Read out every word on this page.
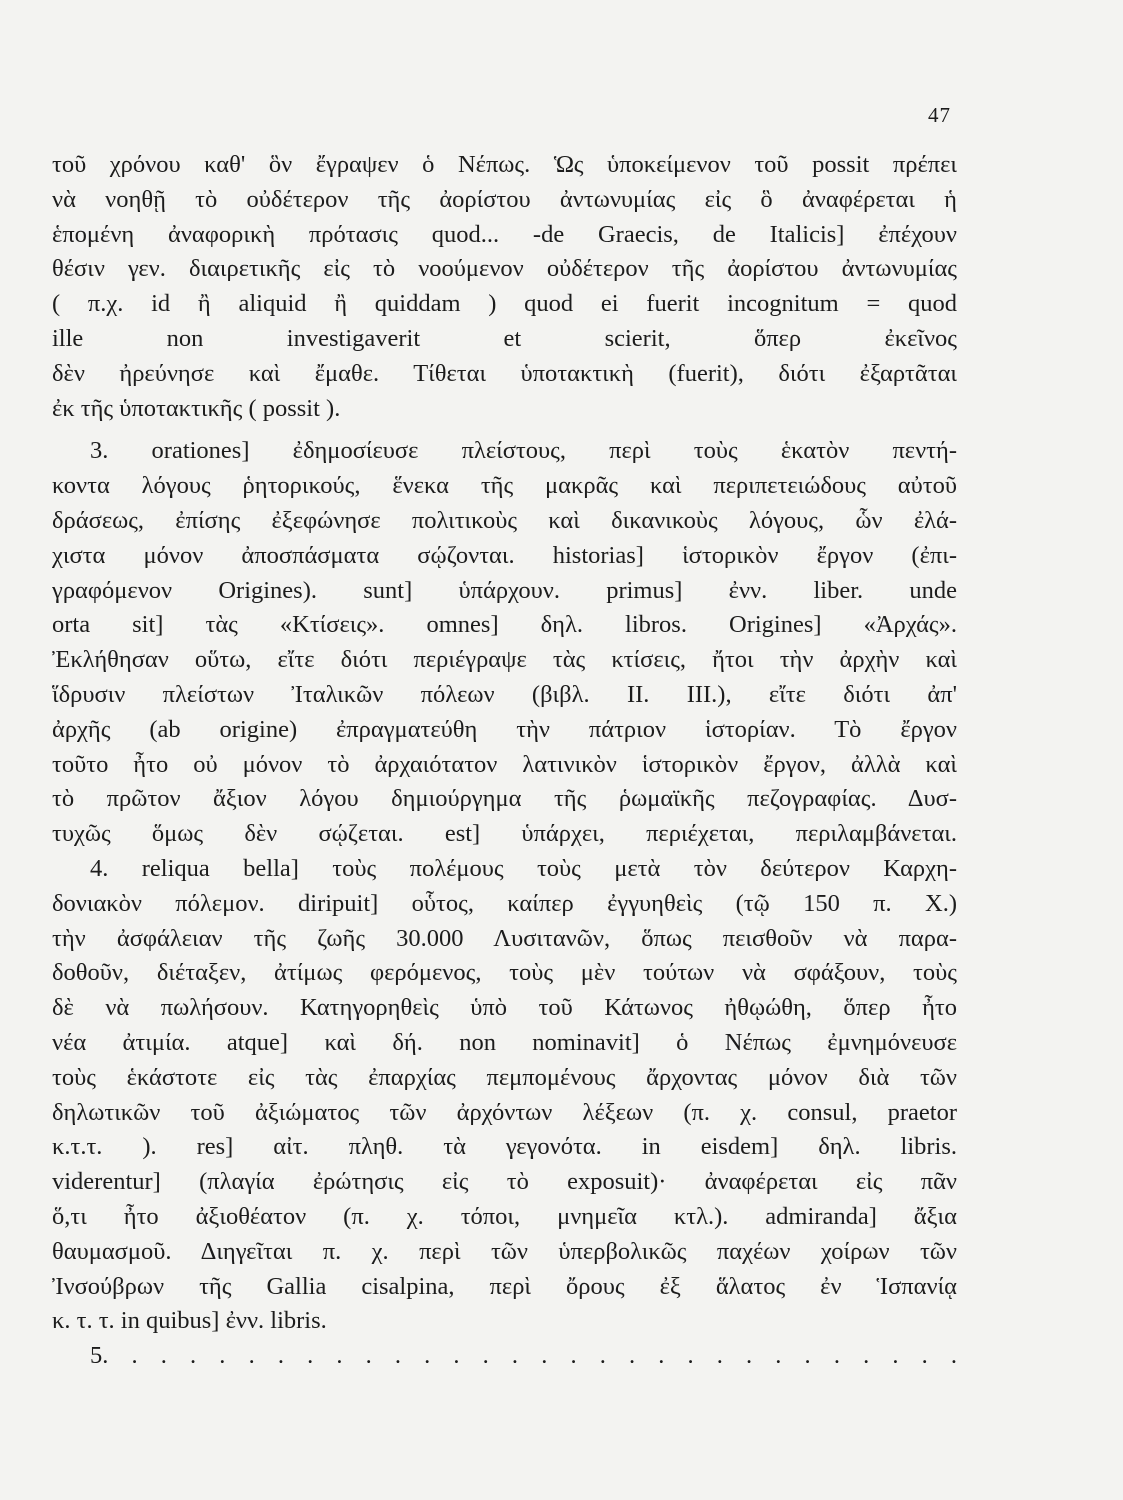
47
τοῦ χρόνου καθ' ὃν ἔγραψεν ὁ Νέπως. Ὡς ὑποκείμενον τοῦ possit πρέπει
νὰ νοηθῇ τὸ οὐδέτερον τῆς ἀορίστου ἀντωνυμίας εἰς ὃ ἀναφέρεται ἡ
ἑπομένη ἀναφορικὴ πρότασις quod... -de Graecis, de Italicis] ἐπέχουν
θέσιν γεν. διαιρετικῆς εἰς τὸ νοούμενον οὐδέτερον τῆς ἀορίστου ἀντωνυμίας
( π.χ. id ἢ aliquid ἢ quiddam ) quod ei fuerit incognitum = quod
ille non investigaverit et scierit, ὅπερ ἐκεῖνος
δὲν ἠρεύνησε καὶ ἔμαθε. Τίθεται ὑποτακτικὴ (fuerit), διότι ἐξαρτᾶται
ἐκ τῆς ὑποτακτικῆς ( possit ).
3. orationes] ἐδημοσίευσε πλείστους, περὶ τοὺς ἑκατὸν πεντή-
κοντα λόγους ῥητορικούς, ἕνεκα τῆς μακρᾶς καὶ περιπετειώδους αὐτοῦ
δράσεως, ἐπίσης ἐξεφώνησε πολιτικοὺς καὶ δικανικοὺς λόγους, ὧν ἐλά-
χιστα μόνον ἀποσπάσματα σῴζονται. historias] ἱστορικὸν ἔργον (ἐπι-
γραφόμενον Origines). sunt] ὑπάρχουν. primus] ἐνν. liber. unde
orta sit] τὰς «Κτίσεις». omnes] δηλ. libros. Origines] «Ἀρχάς».
Ἐκλήθησαν οὕτω, εἴτε διότι περιέγραψε τὰς κτίσεις, ἤτοι τὴν ἀρχὴν καὶ
ἵδρυσιν πλείστων Ἰταλικῶν πόλεων (βιβλ. II. III.), εἴτε διότι ἀπ'
ἀρχῆς (ab origine) ἐπραγματεύθη τὴν πάτριον ἱστορίαν. Τὸ ἔργον
τοῦτο ἦτο οὐ μόνον τὸ ἀρχαιότατον λατινικὸν ἱστορικὸν ἔργον, ἀλλὰ καὶ
τὸ πρῶτον ἄξιον λόγου δημιούργημα τῆς ῥωμαϊκῆς πεζογραφίας. Δυσ-
τυχῶς ὅμως δὲν σῴζεται. est] ὑπάρχει, περιέχεται, περιλαμβάνεται.
4. reliqua bella] τοὺς πολέμους τοὺς μετὰ τὸν δεύτερον Καρχη-
δονιακὸν πόλεμον. diripuit] οὗτος, καίπερ ἐγγυηθεὶς (τῷ 150 π. Χ.)
τὴν ἀσφάλειαν τῆς ζωῆς 30.000 Λυσιτανῶν, ὅπως πεισθοῦν νὰ παρα-
δοθοῦν, διέταξεν, ἀτίμως φερόμενος, τοὺς μὲν τούτων νὰ σφάξουν, τοὺς
δὲ νὰ πωλήσουν. Κατηγορηθεὶς ὑπὸ τοῦ Κάτωνος ἠθῳώθη, ὅπερ ἦτο
νέα ἀτιμία. atque] καὶ δή. non nominavit] ὁ Νέπως ἐμνημόνευσε
τοὺς ἑκάστοτε εἰς τὰς ἐπαρχίας πεμπομένους ἄρχοντας μόνον διὰ τῶν
δηλωτικῶν τοῦ ἀξιώματος τῶν ἀρχόντων λέξεων (π. χ. consul, praetor
κ.τ.τ. ). res] αἰτ. πληθ. τὰ γεγονότα. in eisdem] δηλ. libris.
viderentur] (πλαγία ἐρώτησις εἰς τὸ exposuit)· ἀναφέρεται εἰς πᾶν
ὅ,τι ἦτο ἀξιοθέατον (π. χ. τόποι, μνημεῖα κτλ.). admiranda] ἄξια
θαυμασμοῦ. Διηγεῖται π. χ. περὶ τῶν ὑπερβολικῶς παχέων χοίρων τῶν
Ἰνσούβρων τῆς Gallia cisalpina, περὶ ὄρους ἐξ ἅλατος ἐν Ἱσπανίᾳ
κ. τ. τ. in quibus] ἐνν. libris.
5. . . . . . . . . . . . . . . . . . . . . . . . . . . . . .
